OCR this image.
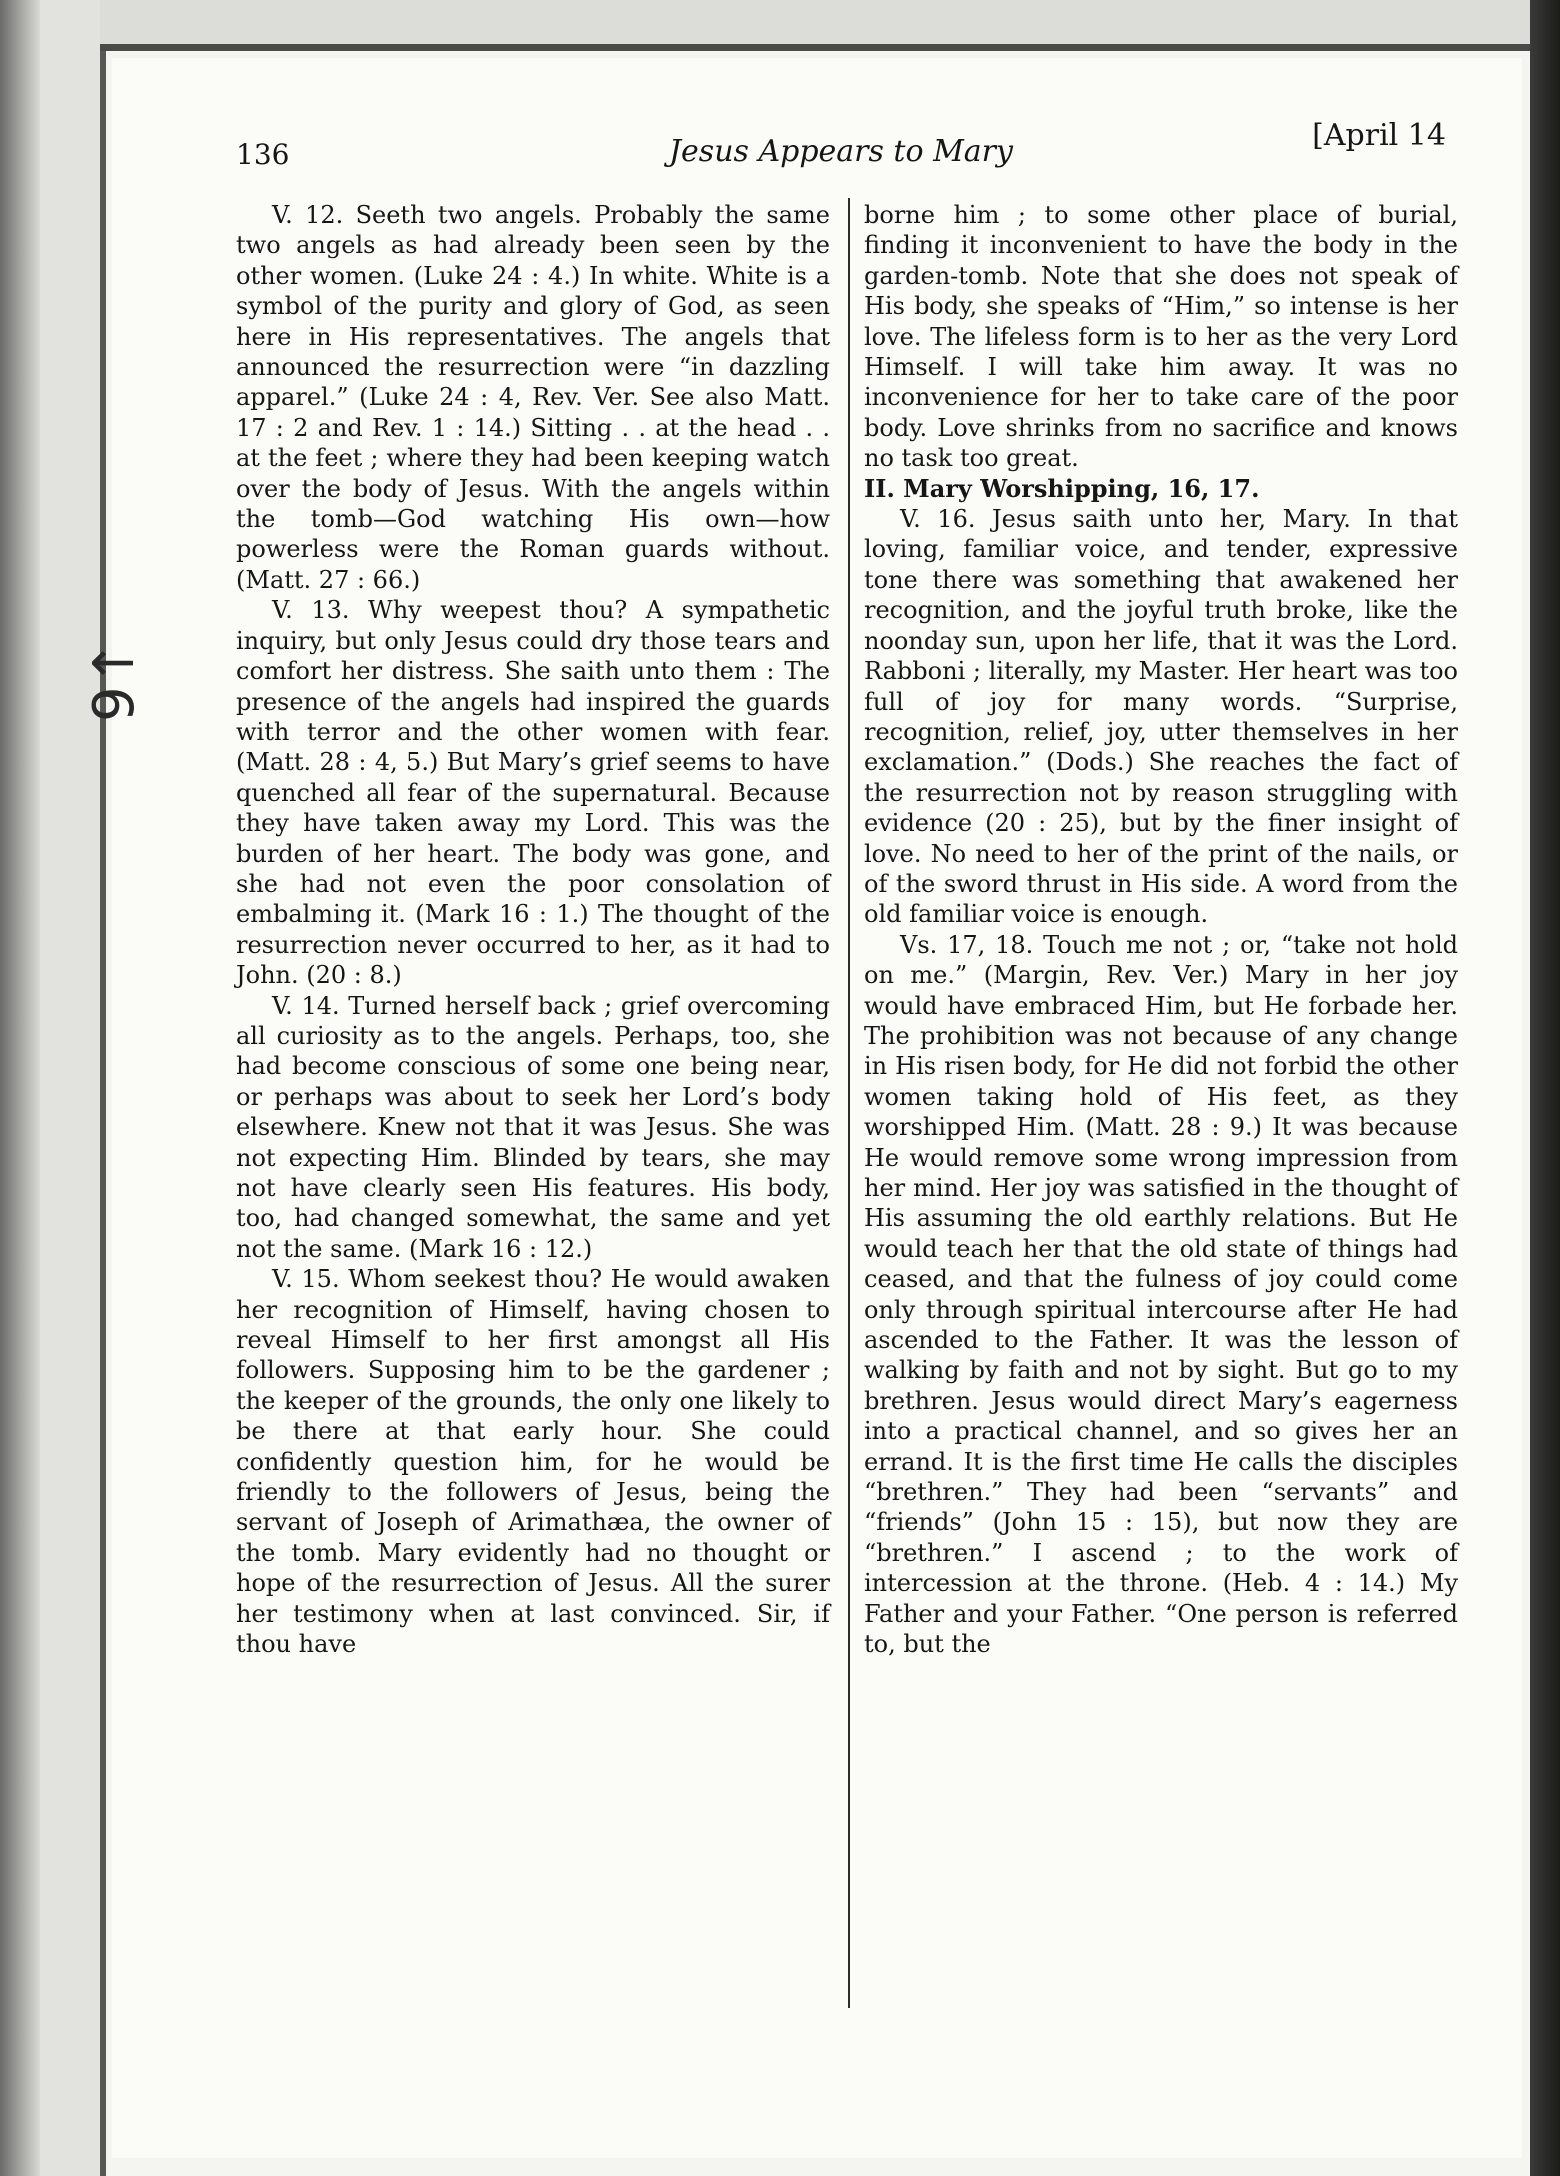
9↑
136	Jesus Appears to Mary	[April 14

V. 12. Seeth two angels. Probably the same two angels as had already been seen by the other women. (Luke 24 : 4.) In white. White is a symbol of the purity and glory of God, as seen here in His representatives. The angels that announced the resurrection were “in dazzling apparel.” (Luke 24 : 4, Rev. Ver. See also Matt. 17 : 2 and Rev. 1 : 14.) Sitting . . at the head . . at the feet ; where they had been keeping watch over the body of Jesus. With the angels within the tomb—God watching His own—how powerless were the Roman guards without. (Matt. 27 : 66.)

V. 13. Why weepest thou? A sympathetic inquiry, but only Jesus could dry those tears and comfort her distress. She saith unto them : The presence of the angels had inspired the guards with terror and the other women with fear. (Matt. 28 : 4, 5.) But Mary’s grief seems to have quenched all fear of the supernatural. Because they have taken away my Lord. This was the burden of her heart. The body was gone, and she had not even the poor consolation of embalming it. (Mark 16 : 1.) The thought of the resurrection never occurred to her, as it had to John. (20 : 8.)

V. 14. Turned herself back ; grief overcoming all curiosity as to the angels. Perhaps, too, she had become conscious of some one being near, or perhaps was about to seek her Lord’s body elsewhere. Knew not that it was Jesus. She was not expecting Him. Blinded by tears, she may not have clearly seen His features. His body, too, had changed somewhat, the same and yet not the same. (Mark 16 : 12.)

V. 15. Whom seekest thou? He would awaken her recognition of Himself, having chosen to reveal Himself to her first amongst all His followers. Supposing him to be the gardener ; the keeper of the grounds, the only one likely to be there at that early hour. She could confidently question him, for he would be friendly to the followers of Jesus, being the servant of Joseph of Arimathæa, the owner of the tomb. Mary evidently had no thought or hope of the resurrection of Jesus. All the surer her testimony when at last convinced. Sir, if thou have

borne him ; to some other place of burial, finding it inconvenient to have the body in the garden-tomb. Note that she does not speak of His body, she speaks of “Him,” so intense is her love. The lifeless form is to her as the very Lord Himself. I will take him away. It was no inconvenience for her to take care of the poor body. Love shrinks from no sacrifice and knows no task too great.

II. Mary Worshipping, 16, 17.

V. 16. Jesus saith unto her, Mary. In that loving, familiar voice, and tender, expressive tone there was something that awakened her recognition, and the joyful truth broke, like the noonday sun, upon her life, that it was the Lord. Rabboni ; literally, my Master. Her heart was too full of joy for many words. “Surprise, recognition, relief, joy, utter themselves in her exclamation.” (Dods.) She reaches the fact of the resurrection not by reason struggling with evidence (20 : 25), but by the finer insight of love. No need to her of the print of the nails, or of the sword thrust in His side. A word from the old familiar voice is enough.

Vs. 17, 18. Touch me not ; or, “take not hold on me.” (Margin, Rev. Ver.) Mary in her joy would have embraced Him, but He forbade her. The prohibition was not because of any change in His risen body, for He did not forbid the other women taking hold of His feet, as they worshipped Him. (Matt. 28 : 9.) It was because He would remove some wrong impression from her mind. Her joy was satisfied in the thought of His assuming the old earthly relations. But He would teach her that the old state of things had ceased, and that the fulness of joy could come only through spiritual intercourse after He had ascended to the Father. It was the lesson of walking by faith and not by sight. But go to my brethren. Jesus would direct Mary’s eagerness into a practical channel, and so gives her an errand. It is the first time He calls the disciples “brethren.” They had been “servants” and “friends” (John 15 : 15), but now they are “brethren.” I ascend ; to the work of intercession at the throne. (Heb. 4 : 14.) My Father and your Father. “One person is referred to, but the
